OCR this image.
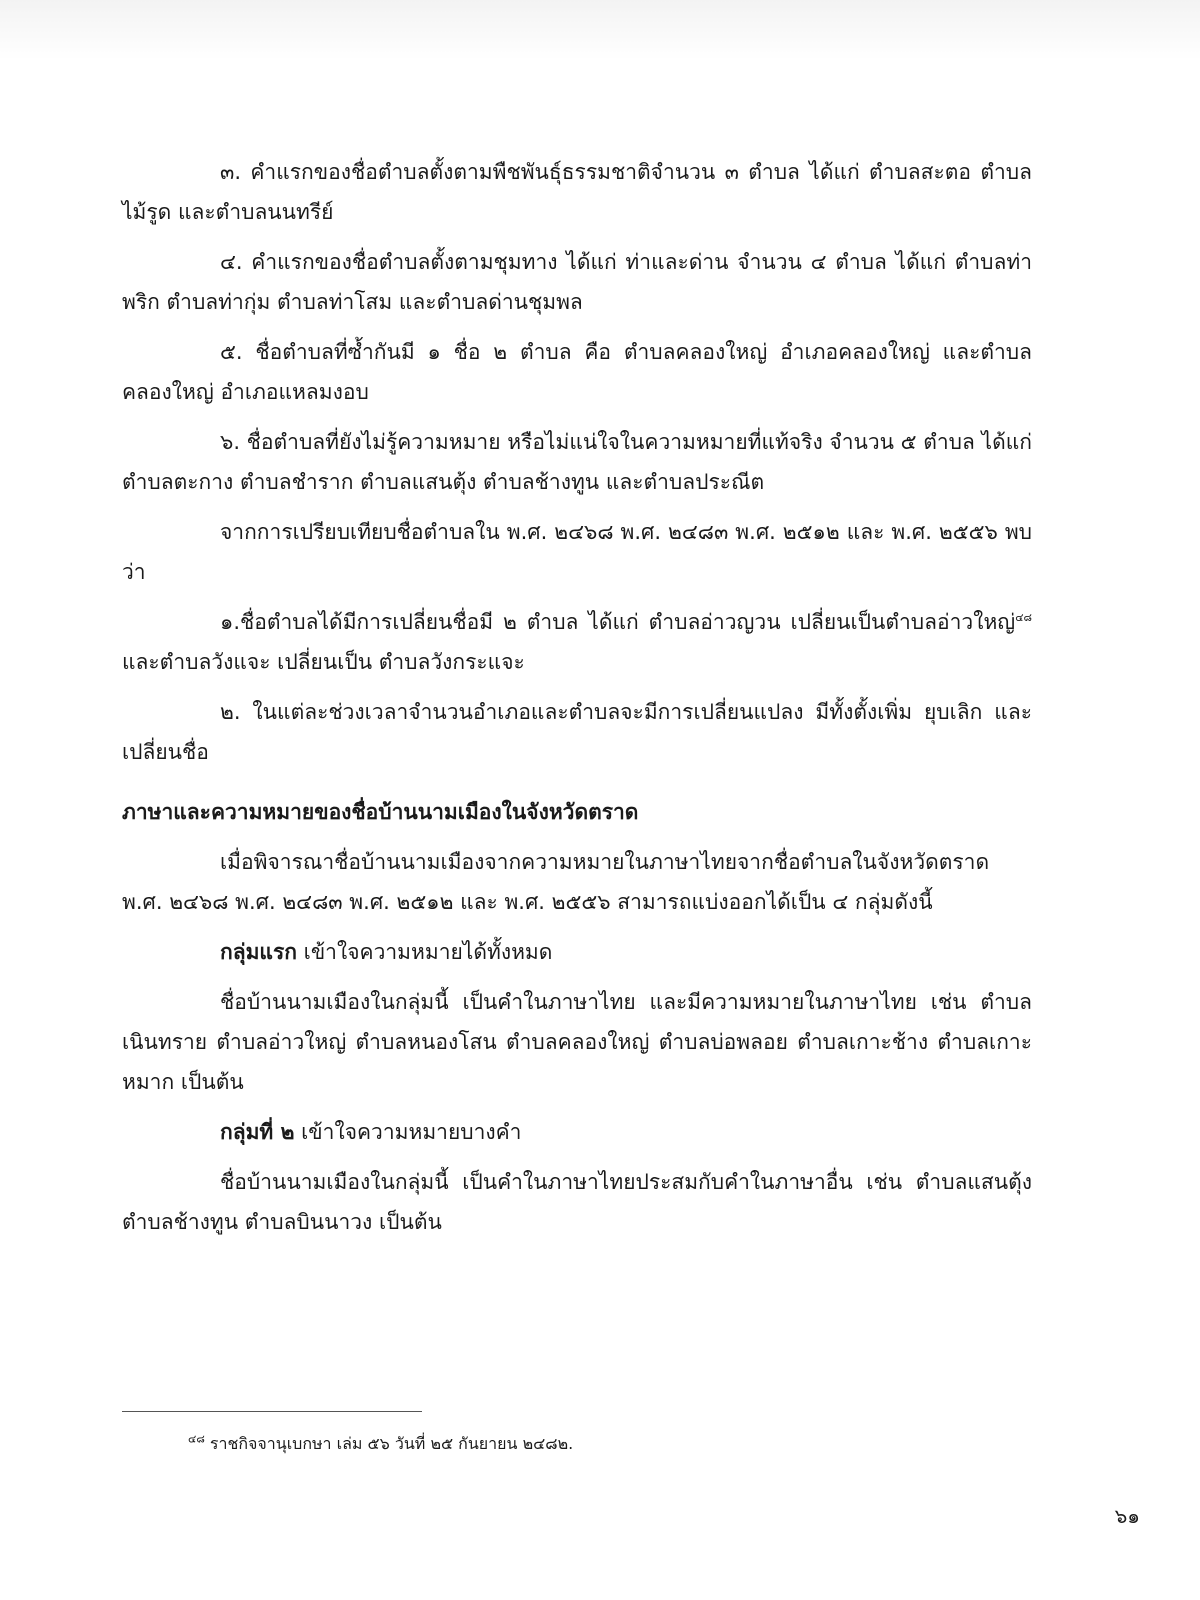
๓. คำแรกของชื่อตำบลตั้งตามพืชพันธุ์ธรรมชาติจำนวน ๓ ตำบล ได้แก่ ตำบลสะตอ ตำบลไม้รูด และตำบลนนทรีย์

๔. คำแรกของชื่อตำบลตั้งตามชุมทาง ได้แก่ ท่าและด่าน จำนวน ๔ ตำบล ได้แก่ ตำบลท่าพริก ตำบลท่ากุ่ม ตำบลท่าโสม และตำบลด่านชุมพล

๕. ชื่อตำบลที่ซ้ำกันมี ๑ ชื่อ ๒ ตำบล คือ ตำบลคลองใหญ่ อำเภอคลองใหญ่ และตำบลคลองใหญ่ อำเภอแหลมงอบ

๖. ชื่อตำบลที่ยังไม่รู้ความหมาย หรือไม่แน่ใจในความหมายที่แท้จริง จำนวน ๕ ตำบล ได้แก่ ตำบลตะกาง ตำบลชำราก ตำบลแสนตุ้ง ตำบลช้างทูน และตำบลประณีต

จากการเปรียบเทียบชื่อตำบลใน พ.ศ. ๒๔๖๘ พ.ศ. ๒๔๘๓ พ.ศ. ๒๕๑๒ และ พ.ศ. ๒๕๕๖ พบว่า

๑.ชื่อตำบลได้มีการเปลี่ยนชื่อมี ๒ ตำบล ได้แก่ ตำบลอ่าวญวน เปลี่ยนเป็นตำบลอ่าวใหญ่$^{๔๘}$ และตำบลวังแจะ เปลี่ยนเป็น ตำบลวังกระแจะ

๒. ในแต่ละช่วงเวลาจำนวนอำเภอและตำบลจะมีการเปลี่ยนแปลง มีทั้งตั้งเพิ่ม ยุบเลิก และเปลี่ยนชื่อ

ภาษาและความหมายของชื่อบ้านนามเมืองในจังหวัดตราด

เมื่อพิจารณาชื่อบ้านนามเมืองจากความหมายในภาษาไทยจากชื่อตำบลในจังหวัดตราด พ.ศ. ๒๔๖๘ พ.ศ. ๒๔๘๓ พ.ศ. ๒๕๑๒ และ พ.ศ. ๒๕๕๖ สามารถแบ่งออกได้เป็น ๔ กลุ่มดังนี้

กลุ่มแรก เข้าใจความหมายได้ทั้งหมด

ชื่อบ้านนามเมืองในกลุ่มนี้ เป็นคำในภาษาไทย และมีความหมายในภาษาไทย เช่น ตำบลเนินทราย ตำบลอ่าวใหญ่ ตำบลหนองโสน ตำบลคลองใหญ่ ตำบลบ่อพลอย ตำบลเกาะช้าง ตำบลเกาะหมาก เป็นต้น

กลุ่มที่ ๒ เข้าใจความหมายบางคำ

ชื่อบ้านนามเมืองในกลุ่มนี้ เป็นคำในภาษาไทยประสมกับคำในภาษาอื่น เช่น ตำบลแสนตุ้ง ตำบลช้างทูน ตำบลบินนาวง เป็นต้น

$^{๔๘}$ ราชกิจจานุเบกษา เล่ม ๕๖ วันที่ ๒๕ กันยายน ๒๔๘๒.
๖๑
